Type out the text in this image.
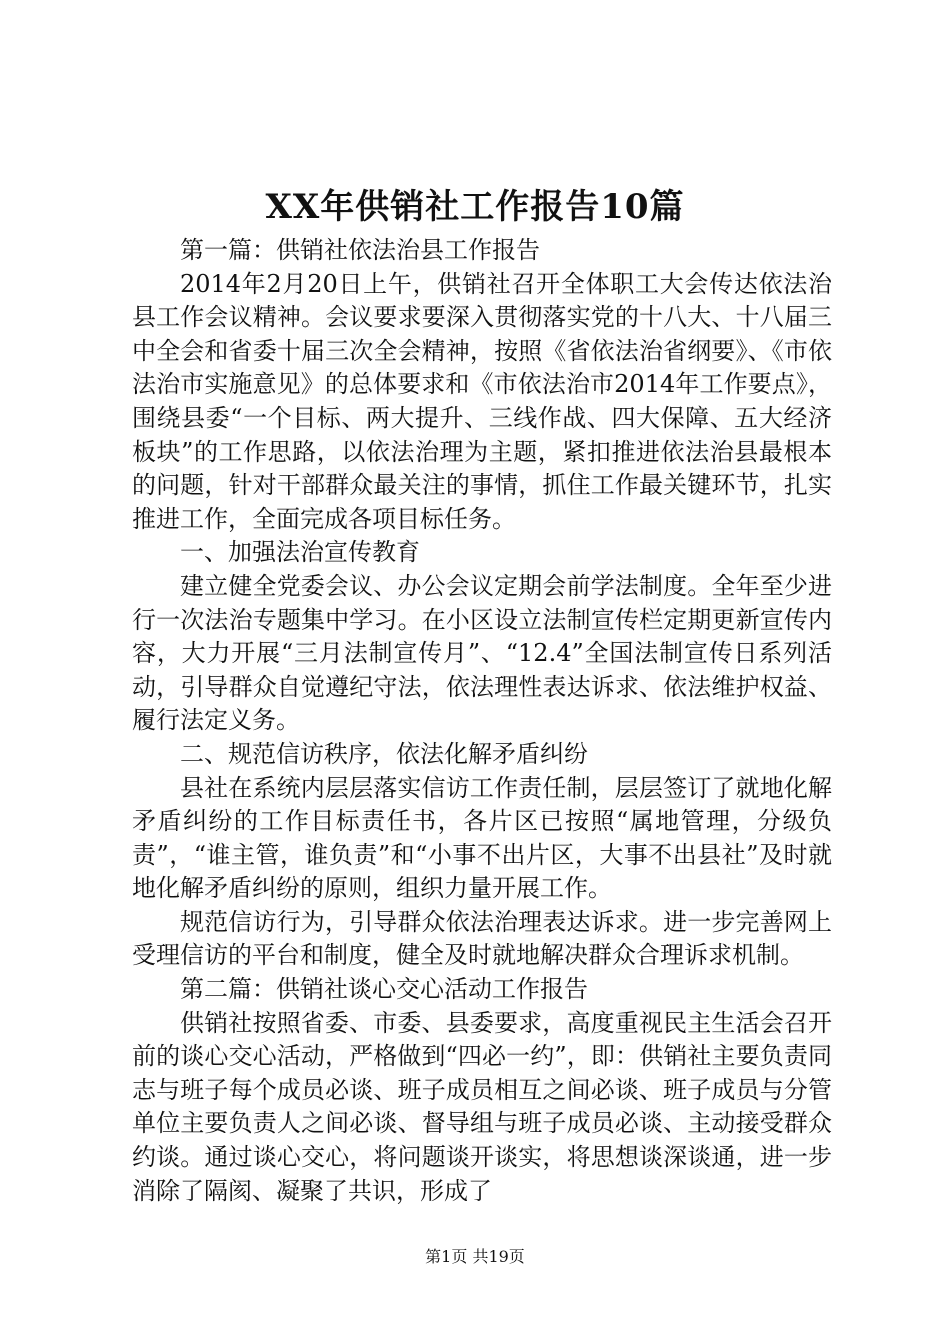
XX年供销社工作报告10篇

第一篇：供销社依法治县工作报告

2014年2月20日上午，供销社召开全体职工大会传达依法治县工作会议精神。会议要求要深入贯彻落实党的十八大、十八届三中全会和省委十届三次全会精神，按照《省依法治省纲要》、《市依法治市实施意见》的总体要求和《市依法治市2014年工作要点》，围绕县委“一个目标、两大提升、三线作战、四大保障、五大经济板块”的工作思路，以依法治理为主题，紧扣推进依法治县最根本的问题，针对干部群众最关注的事情，抓住工作最关键环节，扎实推进工作，全面完成各项目标任务。

一、加强法治宣传教育

建立健全党委会议、办公会议定期会前学法制度。全年至少进行一次法治专题集中学习。在小区设立法制宣传栏定期更新宣传内容，大力开展“三月法制宣传月”、“12.4”全国法制宣传日系列活动，引导群众自觉遵纪守法，依法理性表达诉求、依法维护权益、履行法定义务。

二、规范信访秩序，依法化解矛盾纠纷

县社在系统内层层落实信访工作责任制，层层签订了就地化解矛盾纠纷的工作目标责任书，各片区已按照“属地管理，分级负责”，“谁主管，谁负责”和“小事不出片区，大事不出县社”及时就地化解矛盾纠纷的原则，组织力量开展工作。

规范信访行为，引导群众依法治理表达诉求。进一步完善网上受理信访的平台和制度，健全及时就地解决群众合理诉求机制。

第二篇：供销社谈心交心活动工作报告

供销社按照省委、市委、县委要求，高度重视民主生活会召开前的谈心交心活动，严格做到“四必一约”，即：供销社主要负责同志与班子每个成员必谈、班子成员相互之间必谈、班子成员与分管单位主要负责人之间必谈、督导组与班子成员必谈、主动接受群众约谈。通过谈心交心，将问题谈开谈实，将思想谈深谈通，进一步消除了隔阂、凝聚了共识，形成了

第1页 共19页
